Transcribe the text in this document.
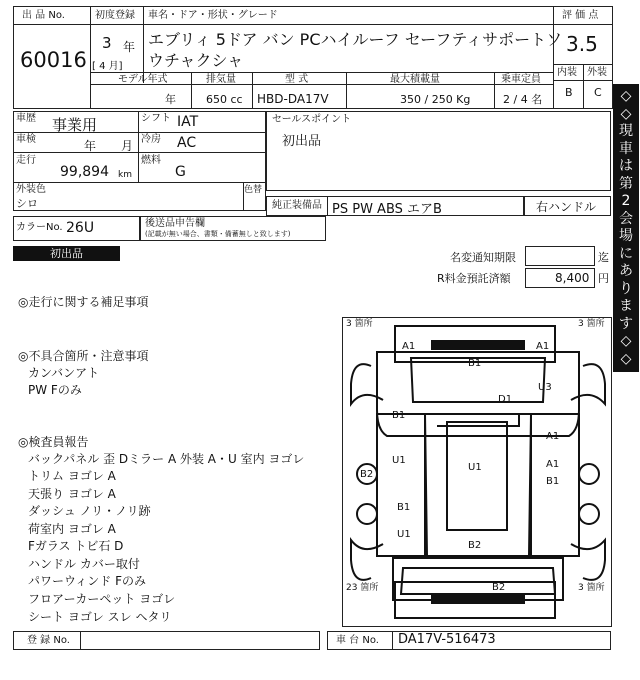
出 品 No.
60016
初度登録
3 年
[ 4 月]
車名・ドア・形状・グレード
エブリィ 5ドア バン PCハイルーフ セーフティサポートソ
ウチャクシャ
評 価 点
3.5
内装 外装
B C
モデル年式
年
排気量
650 cc
型 式
HBD-DA17V
最大積載量
350 / 250 Kg
乗車定員
2 / 4 名
車歴 事業用	シフト IAT
車検	年 月 冷房 AC
走行
99,894 km
燃料
G
セールスポイント
初出品
外装色
シロ
色替
純正装備品 PS PW ABS エアB	右ハンドル
カラーNo. 26U	後送品申告欄
(記載が無い場合、書類・備蓄無しと致します)
初出品	名変通知期限	迄
R料金預託済額	8,400 円
◎走行に関する補足事項
◎不具合箇所・注意事項
カンバンアト
PW Fのみ
◎検査員報告
バックパネル 歪 Dミラー A 外装 A・U 室内 ヨゴレ
トリム ヨゴレ A
天張り ヨゴレ A
ダッシュ ノリ・ノリ跡
荷室内 ヨゴレ A
Fガラス トビ石 D
ハンドル カバー取付
パワーウィンド Fのみ
フロアーカーペット ヨゴレ
シート ヨゴレ スレ ヘタリ
3 箇所	3 箇所
23 箇所	3 箇所
A1	A1
B1
D1
U3
B1
A1
U1
U1	A1
B2
B1
B1
U1
B2
B2
登 録 No.	車 台 No. DA17V-516473
◇
◇
現
車
は
第
2
会
場
に
あ
り
ま
す
◇
◇
